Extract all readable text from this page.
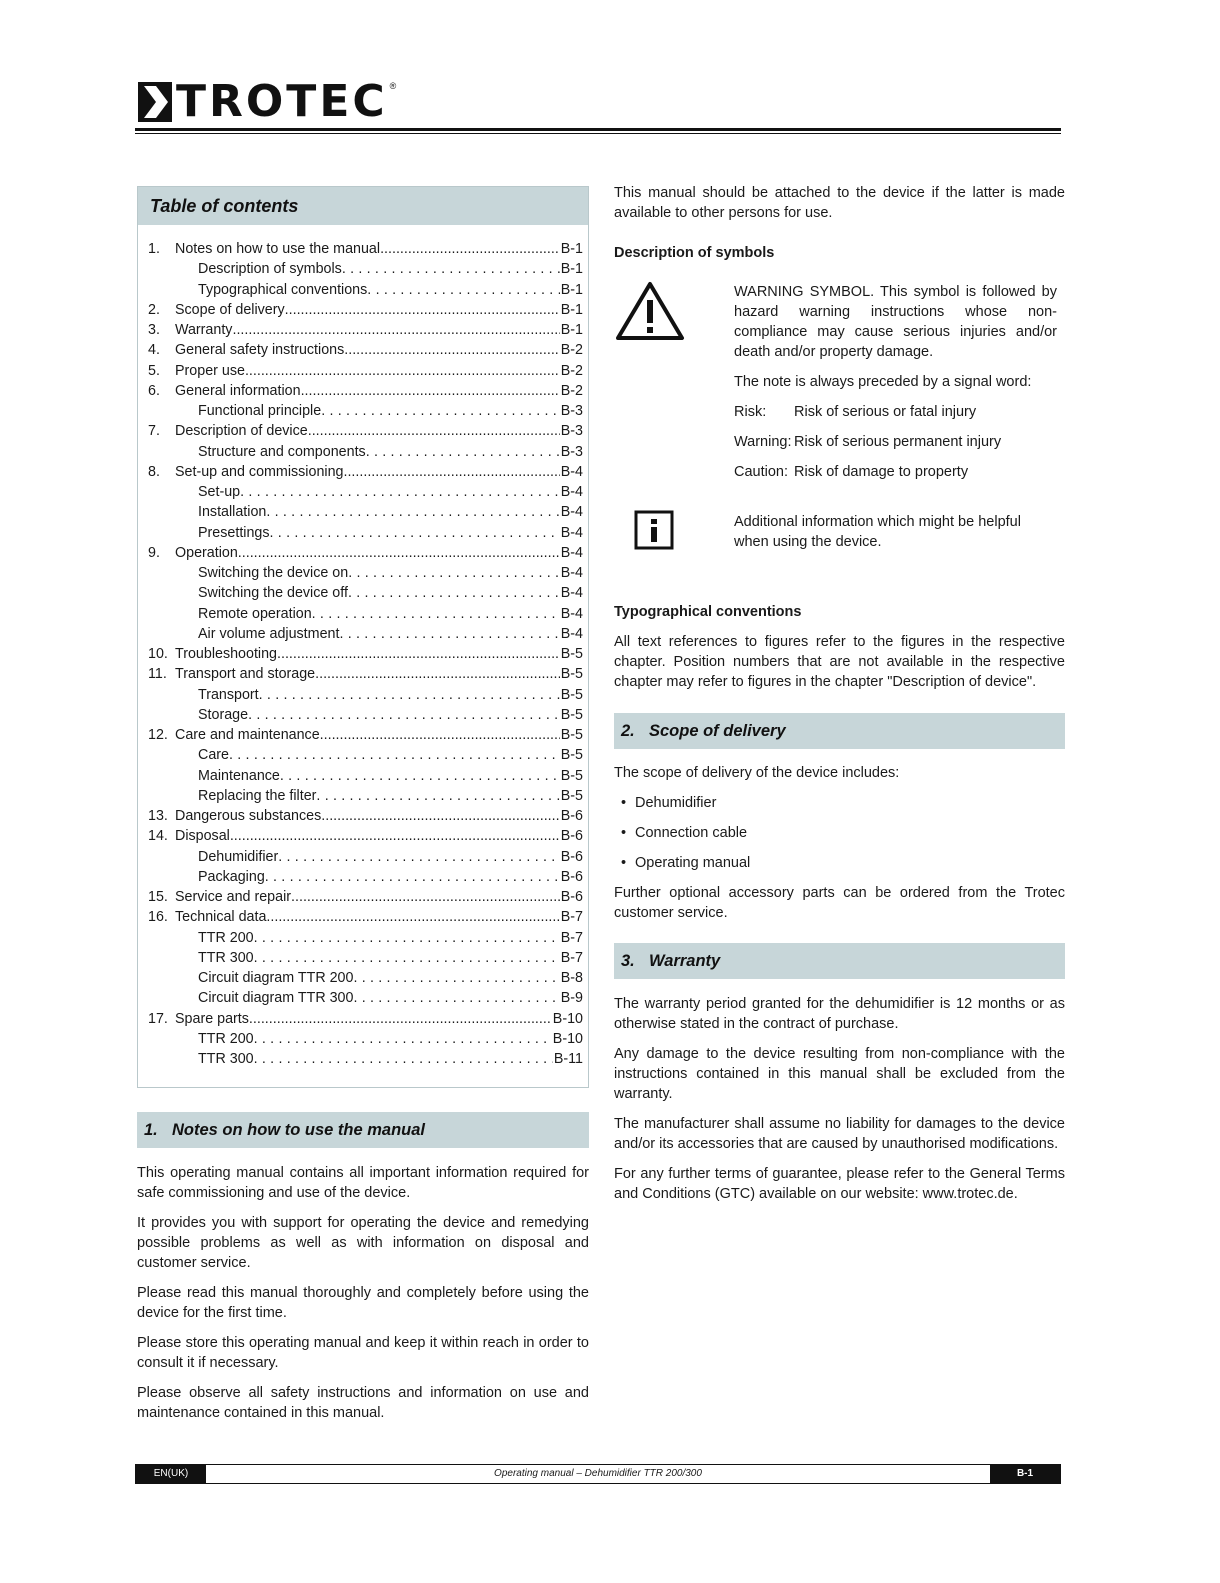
TROTEC ®
Table of contents
1.	Notes on how to use the manual .....	B-1
Description of symbols .....	B-1
Typographical conventions .....	B-1
2.	Scope of delivery .....	B-1
3.	Warranty .....	B-1
4.	General safety instructions .....	B-2
5.	Proper use .....	B-2
6.	General information .....	B-2
Functional principle .....	B-3
7.	Description of device .....	B-3
Structure and components .....	B-3
8.	Set-up and commissioning .....	B-4
Set-up .....	B-4
Installation .....	B-4
Presettings .....	B-4
9.	Operation .....	B-4
Switching the device on .....	B-4
Switching the device off .....	B-4
Remote operation .....	B-4
Air volume adjustment .....	B-4
10. Troubleshooting .....	B-5
11. Transport and storage .....	B-5
Transport .....	B-5
Storage .....	B-5
12. Care and maintenance .....	B-5
Care .....	B-5
Maintenance .....	B-5
Replacing the filter .....	B-5
13. Dangerous substances .....	B-6
14. Disposal .....	B-6
Dehumidifier .....	B-6
Packaging .....	B-6
15. Service and repair .....	B-6
16. Technical data .....	B-7
TTR 200 .....	B-7
TTR 300 .....	B-7
Circuit diagram TTR 200 .....	B-8
Circuit diagram TTR 300 .....	B-9
17. Spare parts .....	B-10
TTR 200 .....	B-10
TTR 300 .....	B-11
1. Notes on how to use the manual

This operating manual contains all important information required for safe commissioning and use of the device.

It provides you with support for operating the device and remedying possible problems as well as with information on disposal and customer service.

Please read this manual thoroughly and completely before using the device for the first time.

Please store this operating manual and keep it within reach in order to consult it if necessary.

Please observe all safety instructions and information on use and maintenance contained in this manual.

This manual should be attached to the device if the latter is made available to other persons for use.

Description of symbols

WARNING SYMBOL. This symbol is followed by hazard warning instructions whose non-compliance may cause serious injuries and/or death and/or property damage.

The note is always preceded by a signal word:

Risk:	Risk of serious or fatal injury
Warning: Risk of serious permanent injury
Caution: Risk of damage to property

Additional information which might be helpful when using the device.

Typographical conventions

All text references to figures refer to the figures in the respective chapter. Position numbers that are not available in the respective chapter may refer to figures in the chapter "Description of device".

2. Scope of delivery

The scope of delivery of the device includes:

• Dehumidifier
• Connection cable
• Operating manual

Further optional accessory parts can be ordered from the Trotec customer service.

3. Warranty

The warranty period granted for the dehumidifier is 12 months or as otherwise stated in the contract of purchase.

Any damage to the device resulting from non-compliance with the instructions contained in this manual shall be excluded from the warranty.

The manufacturer shall assume no liability for damages to the device and/or its accessories that are caused by unauthorised modifications.

For any further terms of guarantee, please refer to the General Terms and Conditions (GTC) available on our website: www.trotec.de.

EN(UK)	Operating manual – Dehumidifier TTR 200/300	B-1
